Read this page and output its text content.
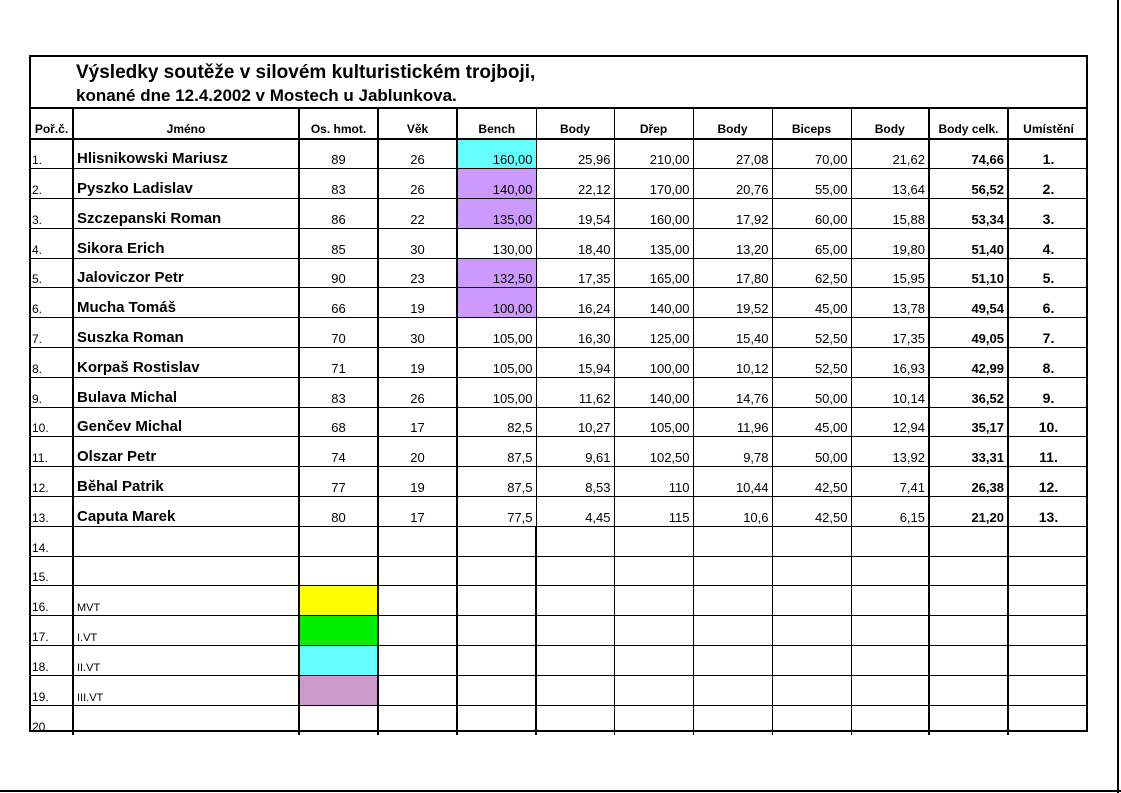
Výsledky soutěže v silovém kulturistickém trojboji,
konané dne 12.4.2002 v Mostech u Jablunkova.
Poř.č.	Jméno	Os. hmot.	Věk	Bench	Body	Dřep	Body	Biceps	Body	Body celk.	Umístění
1.	Hlisnikowski Mariusz	89	26	160,00	25,96	210,00	27,08	70,00	21,62	74,66	1.
2.	Pyszko Ladislav	83	26	140,00	22,12	170,00	20,76	55,00	13,64	56,52	2.
3.	Szczepanski Roman	86	22	135,00	19,54	160,00	17,92	60,00	15,88	53,34	3.
4.	Sikora Erich	85	30	130,00	18,40	135,00	13,20	65,00	19,80	51,40	4.
5.	Jaloviczor Petr	90	23	132,50	17,35	165,00	17,80	62,50	15,95	51,10	5.
6.	Mucha Tomáš	66	19	100,00	16,24	140,00	19,52	45,00	13,78	49,54	6.
7.	Suszka Roman	70	30	105,00	16,30	125,00	15,40	52,50	17,35	49,05	7.
8.	Korpaš Rostislav	71	19	105,00	15,94	100,00	10,12	52,50	16,93	42,99	8.
9.	Bulava Michal	83	26	105,00	11,62	140,00	14,76	50,00	10,14	36,52	9.
10.	Genčev Michal	68	17	82,5	10,27	105,00	11,96	45,00	12,94	35,17	10.
11.	Olszar Petr	74	20	87,5	9,61	102,50	9,78	50,00	13,92	33,31	11.
12.	Běhal Patrik	77	19	87,5	8,53	110	10,44	42,50	7,41	26,38	12.
13.	Caputa Marek	80	17	77,5	4,45	115	10,6	42,50	6,15	21,20	13.
14.											
15.											
16.	MVT										
17.	I.VT										
18.	II.VT										
19.	III.VT										
20.											
